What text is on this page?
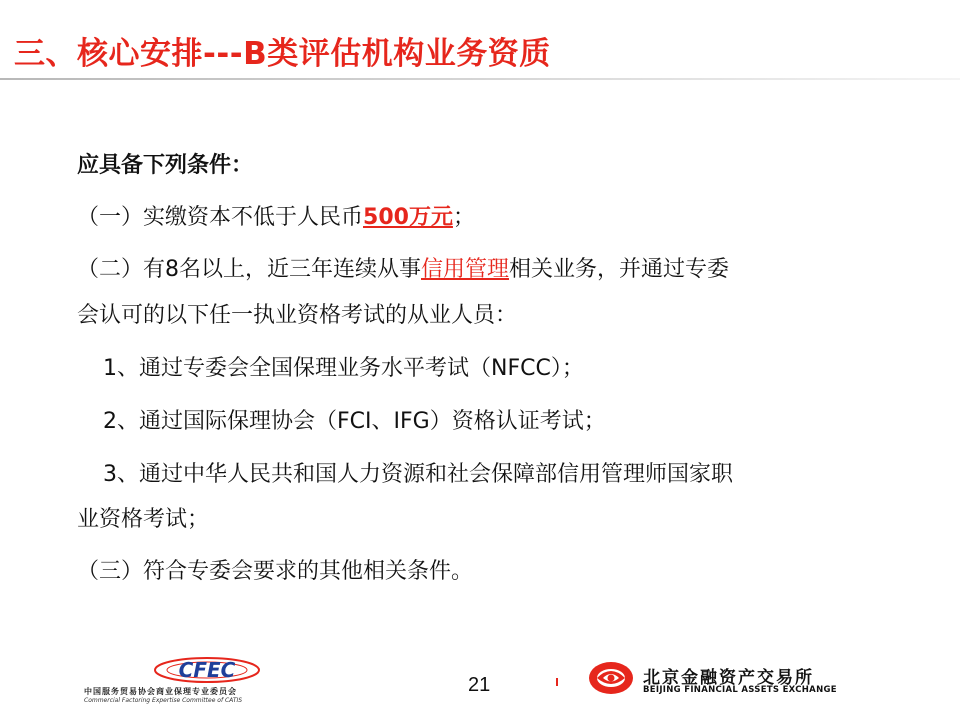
三、核心安排---B类评估机构业务资质
应具备下列条件：
（一）实缴资本不低于人民币500万元；
（二）有8名以上，近三年连续从事信用管理相关业务，并通过专委
会认可的以下任一执业资格考试的从业人员：
1、通过专委会全国保理业务水平考试（NFCC）；
2、通过国际保理协会（FCI、IFG）资格认证考试；
3、通过中华人民共和国人力资源和社会保障部信用管理师国家职
业资格考试；
（三）符合专委会要求的其他相关条件。
CFEC
中国服务贸易协会商业保理专业委员会
Commercial Factoring Expertise Committee of CATIS
21	北京金融资产交易所
BEIJING FINANCIAL ASSETS EXCHANGE
